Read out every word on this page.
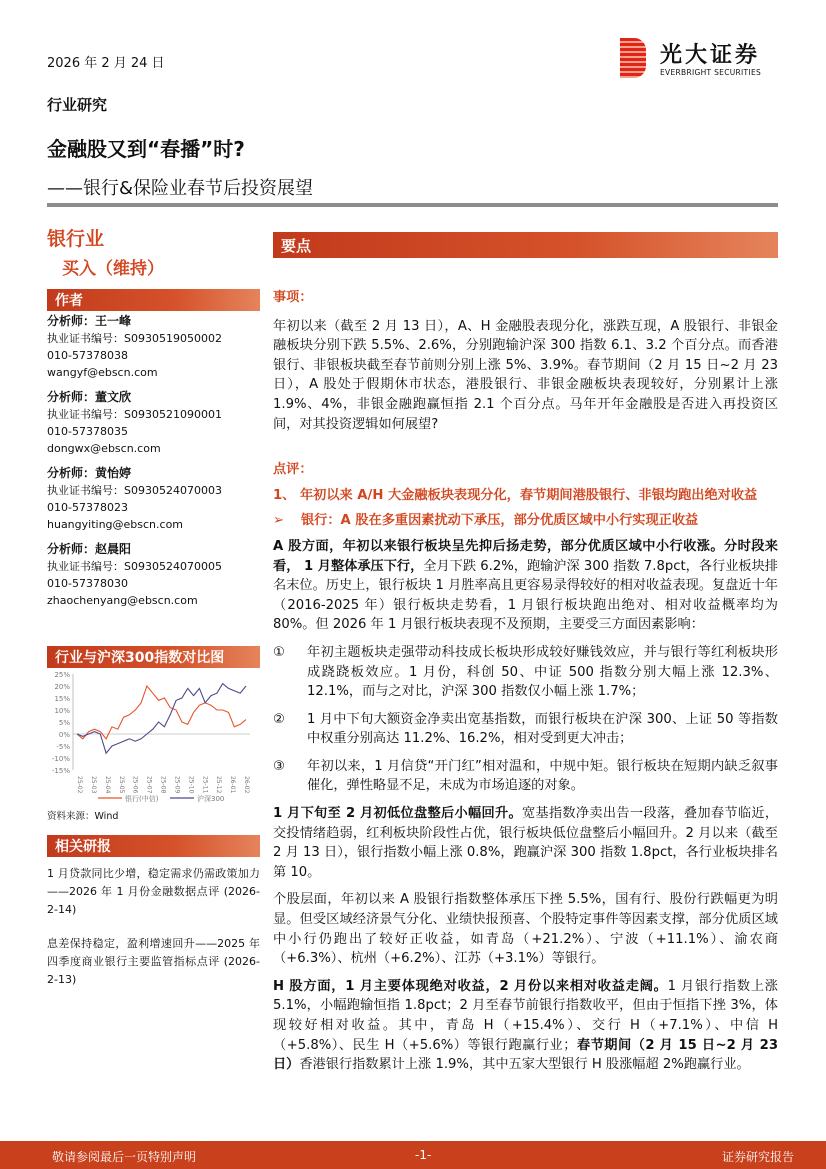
2026 年 2 月 24 日	光大证券
EVERBRIGHT SECURITIES
行业研究
金融股又到“春播”时?
——银行&保险业春节后投资展望
银行业
买入（维持）
作者
分析师：王一峰
执业证书编号：S0930519050002
010-57378038
wangyf@ebscn.com
分析师：董文欣
执业证书编号：S0930521090001
010-57378035
dongwx@ebscn.com
分析师：黄怡婷
执业证书编号：S0930524070003
010-57378023
huangyiting@ebscn.com
分析师：赵晨阳
执业证书编号：S0930524070005
010-57378030
zhaochenyang@ebscn.com
行业与沪深300指数对比图
25%
20%
15%
10%
5%
0%
-5%
-10%
-15%
25-02 25-03 25-04 25-05 25-06 25-07 25-08 25-09 25-10 25-11 25-12 26-01 26-02
银行(中信)	沪深300
资料来源：Wind
相关研报
1 月贷款同比少增，稳定需求仍需政策加力——2026 年 1 月份金融数据点评 (2026-2-14)
息差保持稳定，盈利增速回升——2025 年四季度商业银行主要监管指标点评 (2026-2-13)
要点
事项：

年初以来（截至 2 月 13 日），A、H 金融股表现分化，涨跌互现，A 股银行、非银金融板块分别下跌 5.5%、2.6%，分别跑输沪深 300 指数 6.1、3.2 个百分点。而香港银行、非银板块截至春节前则分别上涨 5%、3.9%。春节期间（2 月 15 日~2 月 23 日），A 股处于假期休市状态，港股银行、非银金融板块表现较好，分别累计上涨 1.9%、4%，非银金融跑赢恒指 2.1 个百分点。马年开年金融股是否进入再投资区间，对其投资逻辑如何展望?

点评：
1、 年初以来 A/H 大金融板块表现分化，春节期间港股银行、非银均跑出绝对收益
➢	银行：A 股在多重因素扰动下承压，部分优质区域中小行实现正收益

A 股方面，年初以来银行板块呈先抑后扬走势，部分优质区域中小行收涨。分时段来看， 1 月整体承压下行，全月下跌 6.2%，跑输沪深 300 指数 7.8pct，各行业板块排名末位。历史上，银行板块 1 月胜率高且更容易录得较好的相对收益表现。复盘近十年（2016-2025 年）银行板块走势看，1 月银行板块跑出绝对、相对收益概率均为 80%。但 2026 年 1 月银行板块表现不及预期，主要受三方面因素影响：

①	年初主题板块走强带动科技成长板块形成较好赚钱效应，并与银行等红利板块形成跷跷板效应。1 月份，科创 50、中证 500 指数分别大幅上涨 12.3%、12.1%，而与之对比，沪深 300 指数仅小幅上涨 1.7%；
②	1 月中下旬大额资金净卖出宽基指数，而银行板块在沪深 300、上证 50 等指数中权重分别高达 11.2%、16.2%，相对受到更大冲击；
③	年初以来，1 月信贷“开门红”相对温和，中规中矩。银行板块在短期内缺乏叙事催化，弹性略显不足，未成为市场追逐的对象。

1 月下旬至 2 月初低位盘整后小幅回升。宽基指数净卖出告一段落，叠加春节临近，交投情绪趋弱，红利板块阶段性占优，银行板块低位盘整后小幅回升。2 月以来（截至 2 月 13 日），银行指数小幅上涨 0.8%，跑赢沪深 300 指数 1.8pct，各行业板块排名第 10。

个股层面，年初以来 A 股银行指数整体承压下挫 5.5%，国有行、股份行跌幅更为明显。但受区域经济景气分化、业绩快报预喜、个股特定事件等因素支撑，部分优质区域中小行仍跑出了较好正收益，如青岛（+21.2%）、宁波（+11.1%）、渝农商（+6.3%）、杭州（+6.2%）、江苏（+3.1%）等银行。

H 股方面，1 月主要体现绝对收益，2 月份以来相对收益走阔。1 月银行指数上涨 5.1%，小幅跑输恒指 1.8pct；2 月至春节前银行指数收平，但由于恒指下挫 3%，体现较好相对收益。其中，青岛 H（+15.4%）、交行 H（+7.1%）、中信 H（+5.8%）、民生 H（+5.6%）等银行跑赢行业；春节期间（2 月 15 日~2 月 23 日）香港银行指数累计上涨 1.9%，其中五家大型银行 H 股涨幅超 2%跑赢行业。

敬请参阅最后一页特别声明	-1-	证券研究报告
